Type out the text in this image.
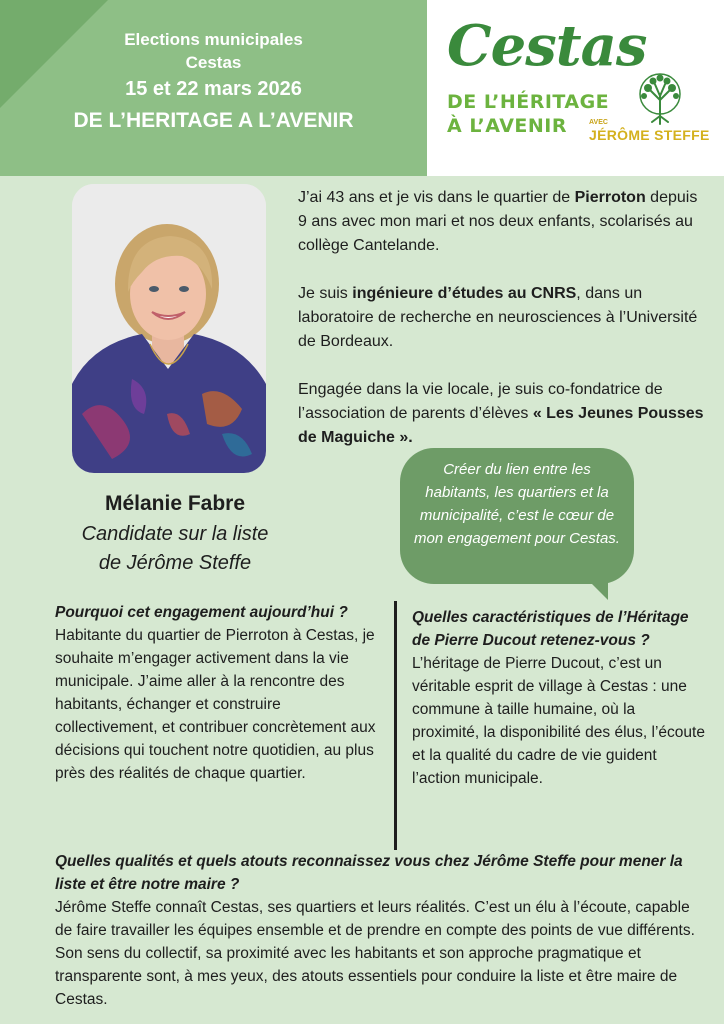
Elections municipales
Cestas
15 et 22 mars 2026
DE L’HERITAGE A L’AVENIR
Cestas
DE L’HÉRITAGE
À L’AVENIR	AVEC
JÉRÔME STEFFE
Mélanie Fabre
Candidate sur la liste
de Jérôme Steffe

J’ai 43 ans et je vis dans le quartier de Pierroton depuis 9 ans avec mon mari et nos deux enfants, scolarisés au collège Cantelande.

Je suis ingénieure d’études au CNRS, dans un laboratoire de recherche en neurosciences à l’Université de Bordeaux.

Engagée dans la vie locale, je suis co-fondatrice de l’association de parents d’élèves « Les Jeunes Pousses de Maguiche ».

Créer du lien entre les habitants, les quartiers et la municipalité, c’est le cœur de mon engagement pour Cestas.
Pourquoi cet engagement aujourd’hui ?
Habitante du quartier de Pierroton à Cestas, je souhaite m’engager activement dans la vie municipale. J’aime aller à la rencontre des habitants, échanger et construire collectivement, et contribuer concrètement aux décisions qui touchent notre quotidien, au plus près des réalités de chaque quartier.
Quelles caractéristiques de l’Héritage de Pierre Ducout retenez-vous ?
L’héritage de Pierre Ducout, c’est un véritable esprit de village à Cestas : une commune à taille humaine, où la proximité, la disponibilité des élus, l’écoute et la qualité du cadre de vie guident l’action municipale.
Quelles qualités et quels atouts reconnaissez vous chez Jérôme Steffe pour mener la liste et être notre maire ?
Jérôme Steffe connaît Cestas, ses quartiers et leurs réalités. C’est un élu à l’écoute, capable de faire travailler les équipes ensemble et de prendre en compte des points de vue différents. Son sens du collectif, sa proximité avec les habitants et son approche pragmatique et transparente sont, à mes yeux, des atouts essentiels pour conduire la liste et être maire de Cestas.
